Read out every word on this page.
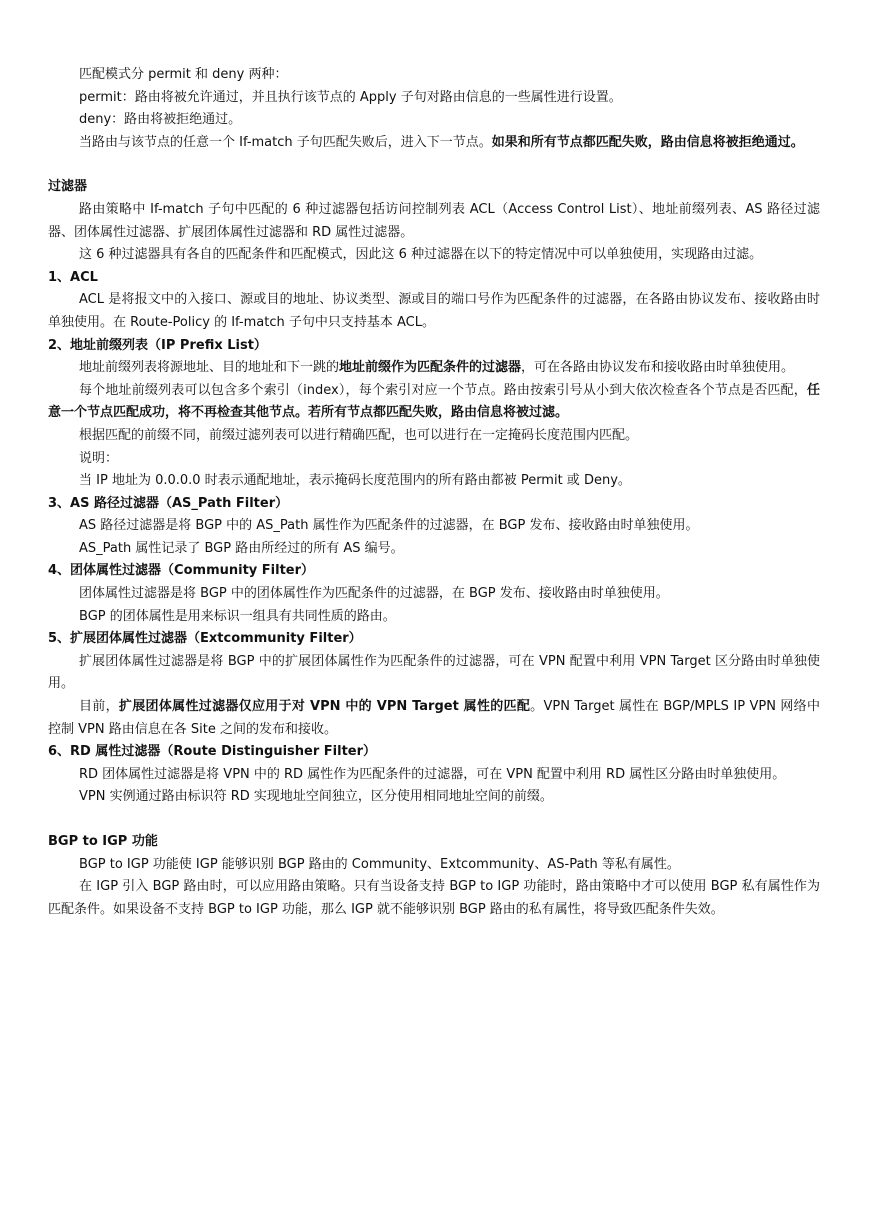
匹配模式分 permit 和 deny 两种：

permit：路由将被允许通过，并且执行该节点的 Apply 子句对路由信息的一些属性进行设置。

deny：路由将被拒绝通过。

当路由与该节点的任意一个 If-match 子句匹配失败后，进入下一节点。如果和所有节点都匹配失败，路由信息将被拒绝通过。

过滤器

路由策略中 If-match 子句中匹配的 6 种过滤器包括访问控制列表 ACL（Access Control List）、地址前缀列表、AS 路径过滤器、团体属性过滤器、扩展团体属性过滤器和 RD 属性过滤器。

这 6 种过滤器具有各自的匹配条件和匹配模式，因此这 6 种过滤器在以下的特定情况中可以单独使用，实现路由过滤。

1、ACL

ACL 是将报文中的入接口、源或目的地址、协议类型、源或目的端口号作为匹配条件的过滤器，在各路由协议发布、接收路由时单独使用。在 Route-Policy 的 If-match 子句中只支持基本 ACL。

2、地址前缀列表（IP Prefix List）

地址前缀列表将源地址、目的地址和下一跳的地址前缀作为匹配条件的过滤器，可在各路由协议发布和接收路由时单独使用。

每个地址前缀列表可以包含多个索引（index），每个索引对应一个节点。路由按索引号从小到大依次检查各个节点是否匹配，任意一个节点匹配成功，将不再检查其他节点。若所有节点都匹配失败，路由信息将被过滤。

根据匹配的前缀不同，前缀过滤列表可以进行精确匹配，也可以进行在一定掩码长度范围内匹配。

说明：

当 IP 地址为 0.0.0.0 时表示通配地址，表示掩码长度范围内的所有路由都被 Permit 或 Deny。

3、AS 路径过滤器（AS_Path Filter）

AS 路径过滤器是将 BGP 中的 AS_Path 属性作为匹配条件的过滤器，在 BGP 发布、接收路由时单独使用。

AS_Path 属性记录了 BGP 路由所经过的所有 AS 编号。

4、团体属性过滤器（Community Filter）

团体属性过滤器是将 BGP 中的团体属性作为匹配条件的过滤器，在 BGP 发布、接收路由时单独使用。

BGP 的团体属性是用来标识一组具有共同性质的路由。

5、扩展团体属性过滤器（Extcommunity Filter）

扩展团体属性过滤器是将 BGP 中的扩展团体属性作为匹配条件的过滤器，可在 VPN 配置中利用 VPN Target 区分路由时单独使用。

目前，扩展团体属性过滤器仅应用于对 VPN 中的 VPN Target 属性的匹配。VPN Target 属性在 BGP/MPLS IP VPN 网络中控制 VPN 路由信息在各 Site 之间的发布和接收。

6、RD 属性过滤器（Route Distinguisher Filter）

RD 团体属性过滤器是将 VPN 中的 RD 属性作为匹配条件的过滤器，可在 VPN 配置中利用 RD 属性区分路由时单独使用。

VPN 实例通过路由标识符 RD 实现地址空间独立，区分使用相同地址空间的前缀。

BGP to IGP 功能

BGP to IGP 功能使 IGP 能够识别 BGP 路由的 Community、Extcommunity、AS-Path 等私有属性。

在 IGP 引入 BGP 路由时，可以应用路由策略。只有当设备支持 BGP to IGP 功能时，路由策略中才可以使用 BGP 私有属性作为匹配条件。如果设备不支持 BGP to IGP 功能，那么 IGP 就不能够识别 BGP 路由的私有属性，将导致匹配条件失效。
